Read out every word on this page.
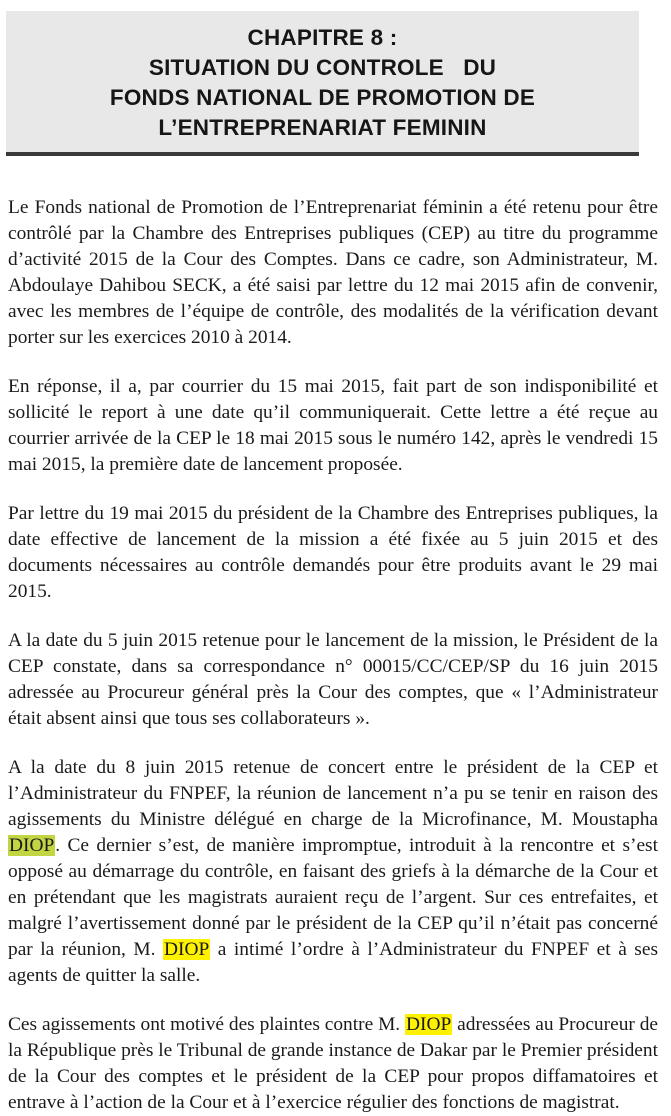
CHAPITRE 8 :
SITUATION DU CONTROLE   DU
FONDS NATIONAL DE PROMOTION DE
L’ENTREPRENARIAT FEMININ

Le Fonds national de Promotion de l’Entreprenariat féminin a été retenu pour être contrôlé par la Chambre des Entreprises publiques (CEP) au titre du programme d’activité 2015 de la Cour des Comptes. Dans ce cadre, son Administrateur, M. Abdoulaye Dahibou SECK, a été saisi par lettre du 12 mai 2015 afin de convenir, avec les membres de l’équipe de contrôle, des modalités de la vérification devant porter sur les exercices 2010 à 2014.

En réponse, il a, par courrier du 15 mai 2015, fait part de son indisponibilité et sollicité le report à une date qu’il communiquerait. Cette lettre a été reçue au courrier arrivée de la CEP le 18 mai 2015 sous le numéro 142, après le vendredi 15 mai 2015, la première date de lancement proposée.

Par lettre du 19 mai 2015 du président de la Chambre des Entreprises publiques, la date effective de lancement de la mission a été fixée au 5 juin 2015 et des documents nécessaires au contrôle demandés pour être produits avant le 29 mai 2015.

A la date du 5 juin 2015 retenue pour le lancement de la mission, le Président de la CEP constate, dans sa correspondance n° 00015/CC/CEP/SP du 16 juin 2015 adressée au Procureur général près la Cour des comptes, que « l’Administrateur était absent ainsi que tous ses collaborateurs ».

A la date du 8 juin 2015 retenue de concert entre le président de la CEP et l’Administrateur du FNPEF, la réunion de lancement n’a pu se tenir en raison des agissements du Ministre délégué en charge de la Microfinance, M. Moustapha DIOP. Ce dernier s’est, de manière impromptue, introduit à la rencontre et s’est opposé au démarrage du contrôle, en faisant des griefs à la démarche de la Cour et en prétendant que les magistrats auraient reçu de l’argent. Sur ces entrefaites, et malgré l’avertissement donné par le président de la CEP qu’il n’était pas concerné par la réunion, M. DIOP a intimé l’ordre à l’Administrateur du FNPEF et à ses agents de quitter la salle.

Ces agissements ont motivé des plaintes contre M. DIOP adressées au Procureur de la République près le Tribunal de grande instance de Dakar par le Premier président de la Cour des comptes et le président de la CEP pour propos diffamatoires et entrave à l’action de la Cour et à l’exercice régulier des fonctions de magistrat.
